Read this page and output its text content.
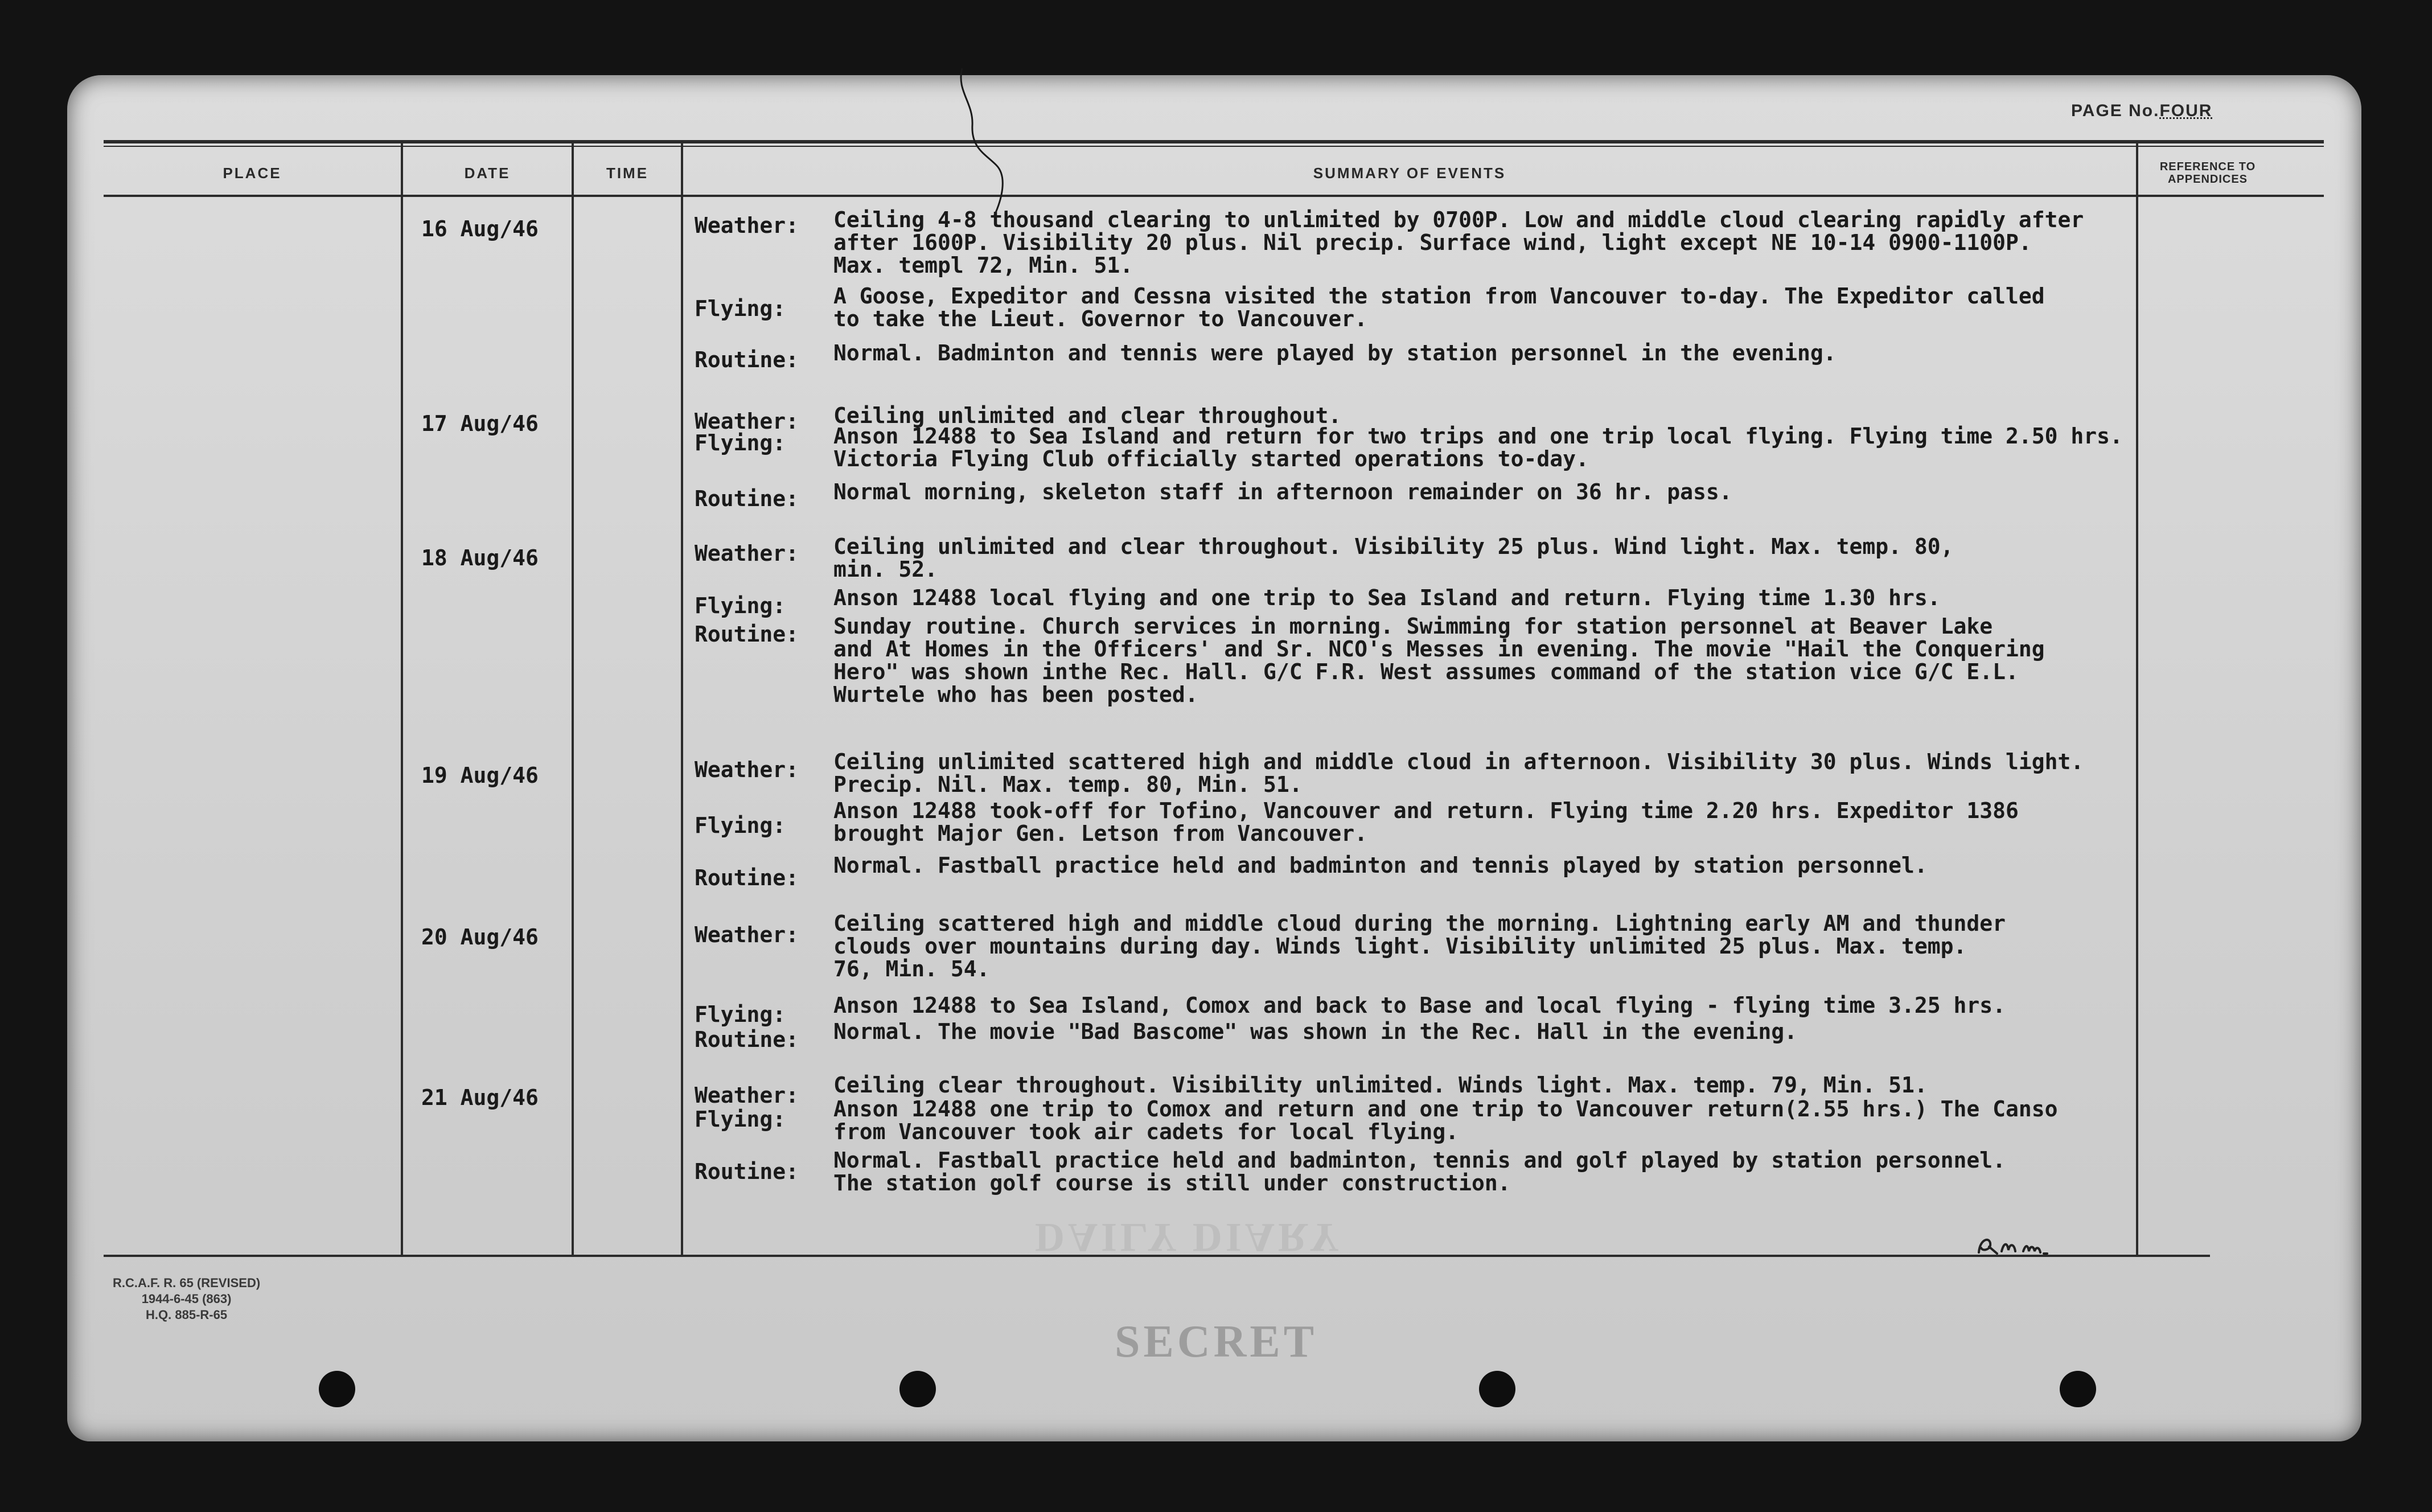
PAGE No.FOUR
PLACE	DATE	TIME	SUMMARY OF EVENTS	REFERENCE TO APPENDICES
16 Aug/46	Weather: Ceiling 4-8 thousand clearing to unlimited by 0700P. Low and middle cloud clearing rapidly after
after 1600P. Visibility 20 plus. Nil precip. Surface wind, light except NE 10-14 0900-1100P.
Max. templ 72, Min. 51.
Flying: A Goose, Expeditor and Cessna visited the station from Vancouver to-day. The Expeditor called
to take the Lieut. Governor to Vancouver.
Routine: Normal. Badminton and tennis were played by station personnel in the evening.
17 Aug/46	Weather: Ceiling unlimited and clear throughout.
Flying: Anson 12488 to Sea Island and return for two trips and one trip local flying. Flying time 2.50 hrs.
Victoria Flying Club officially started operations to-day.
Routine: Normal morning, skeleton staff in afternoon remainder on 36 hr. pass.
18 Aug/46	Weather: Ceiling unlimited and clear throughout. Visibility 25 plus. Wind light. Max. temp. 80,
min. 52.
Flying: Anson 12488 local flying and one trip to Sea Island and return. Flying time 1.30 hrs.
Routine: Sunday routine. Church services in morning. Swimming for station personnel at Beaver Lake
and At Homes in the Officers' and Sr. NCO's Messes in evening. The movie "Hail the Conquering
Hero" was shown inthe Rec. Hall. G/C F.R. West assumes command of the station vice G/C E.L.
Wurtele who has been posted.
19 Aug/46	Weather: Ceiling unlimited scattered high and middle cloud in afternoon. Visibility 30 plus. Winds light.
Precip. Nil. Max. temp. 80, Min. 51.
Flying:
Anson 12488 took-off for Tofino, Vancouver and return. Flying time 2.20 hrs. Expeditor 1386
brought Major Gen. Letson from Vancouver.
Routine: Normal. Fastball practice held and badminton and tennis played by station personnel.
20 Aug/46	Weather: Ceiling scattered high and middle cloud during the morning. Lightning early AM and thunder
clouds over mountains during day. Winds light. Visibility unlimited 25 plus. Max. temp.
76, Min. 54.
Flying: Anson 12488 to Sea Island, Comox and back to Base and local flying - flying time 3.25 hrs.
Routine: Normal. The movie "Bad Bascome" was shown in the Rec. Hall in the evening.
21 Aug/46	Weather: Ceiling clear throughout. Visibility unlimited. Winds light. Max. temp. 79, Min. 51.
Flying: Anson 12488 one trip to Comox and return and one trip to Vancouver return(2.55 hrs.) The Canso
from Vancouver took air cadets for local flying.
Routine: Normal. Fastball practice held and badminton, tennis and golf played by station personnel.
The station golf course is still under construction.
R.C.A.F. R. 65 (REVISED)
1944-6-45 (863)
H.Q. 885-R-65
DAILY DIARY
SECRET
